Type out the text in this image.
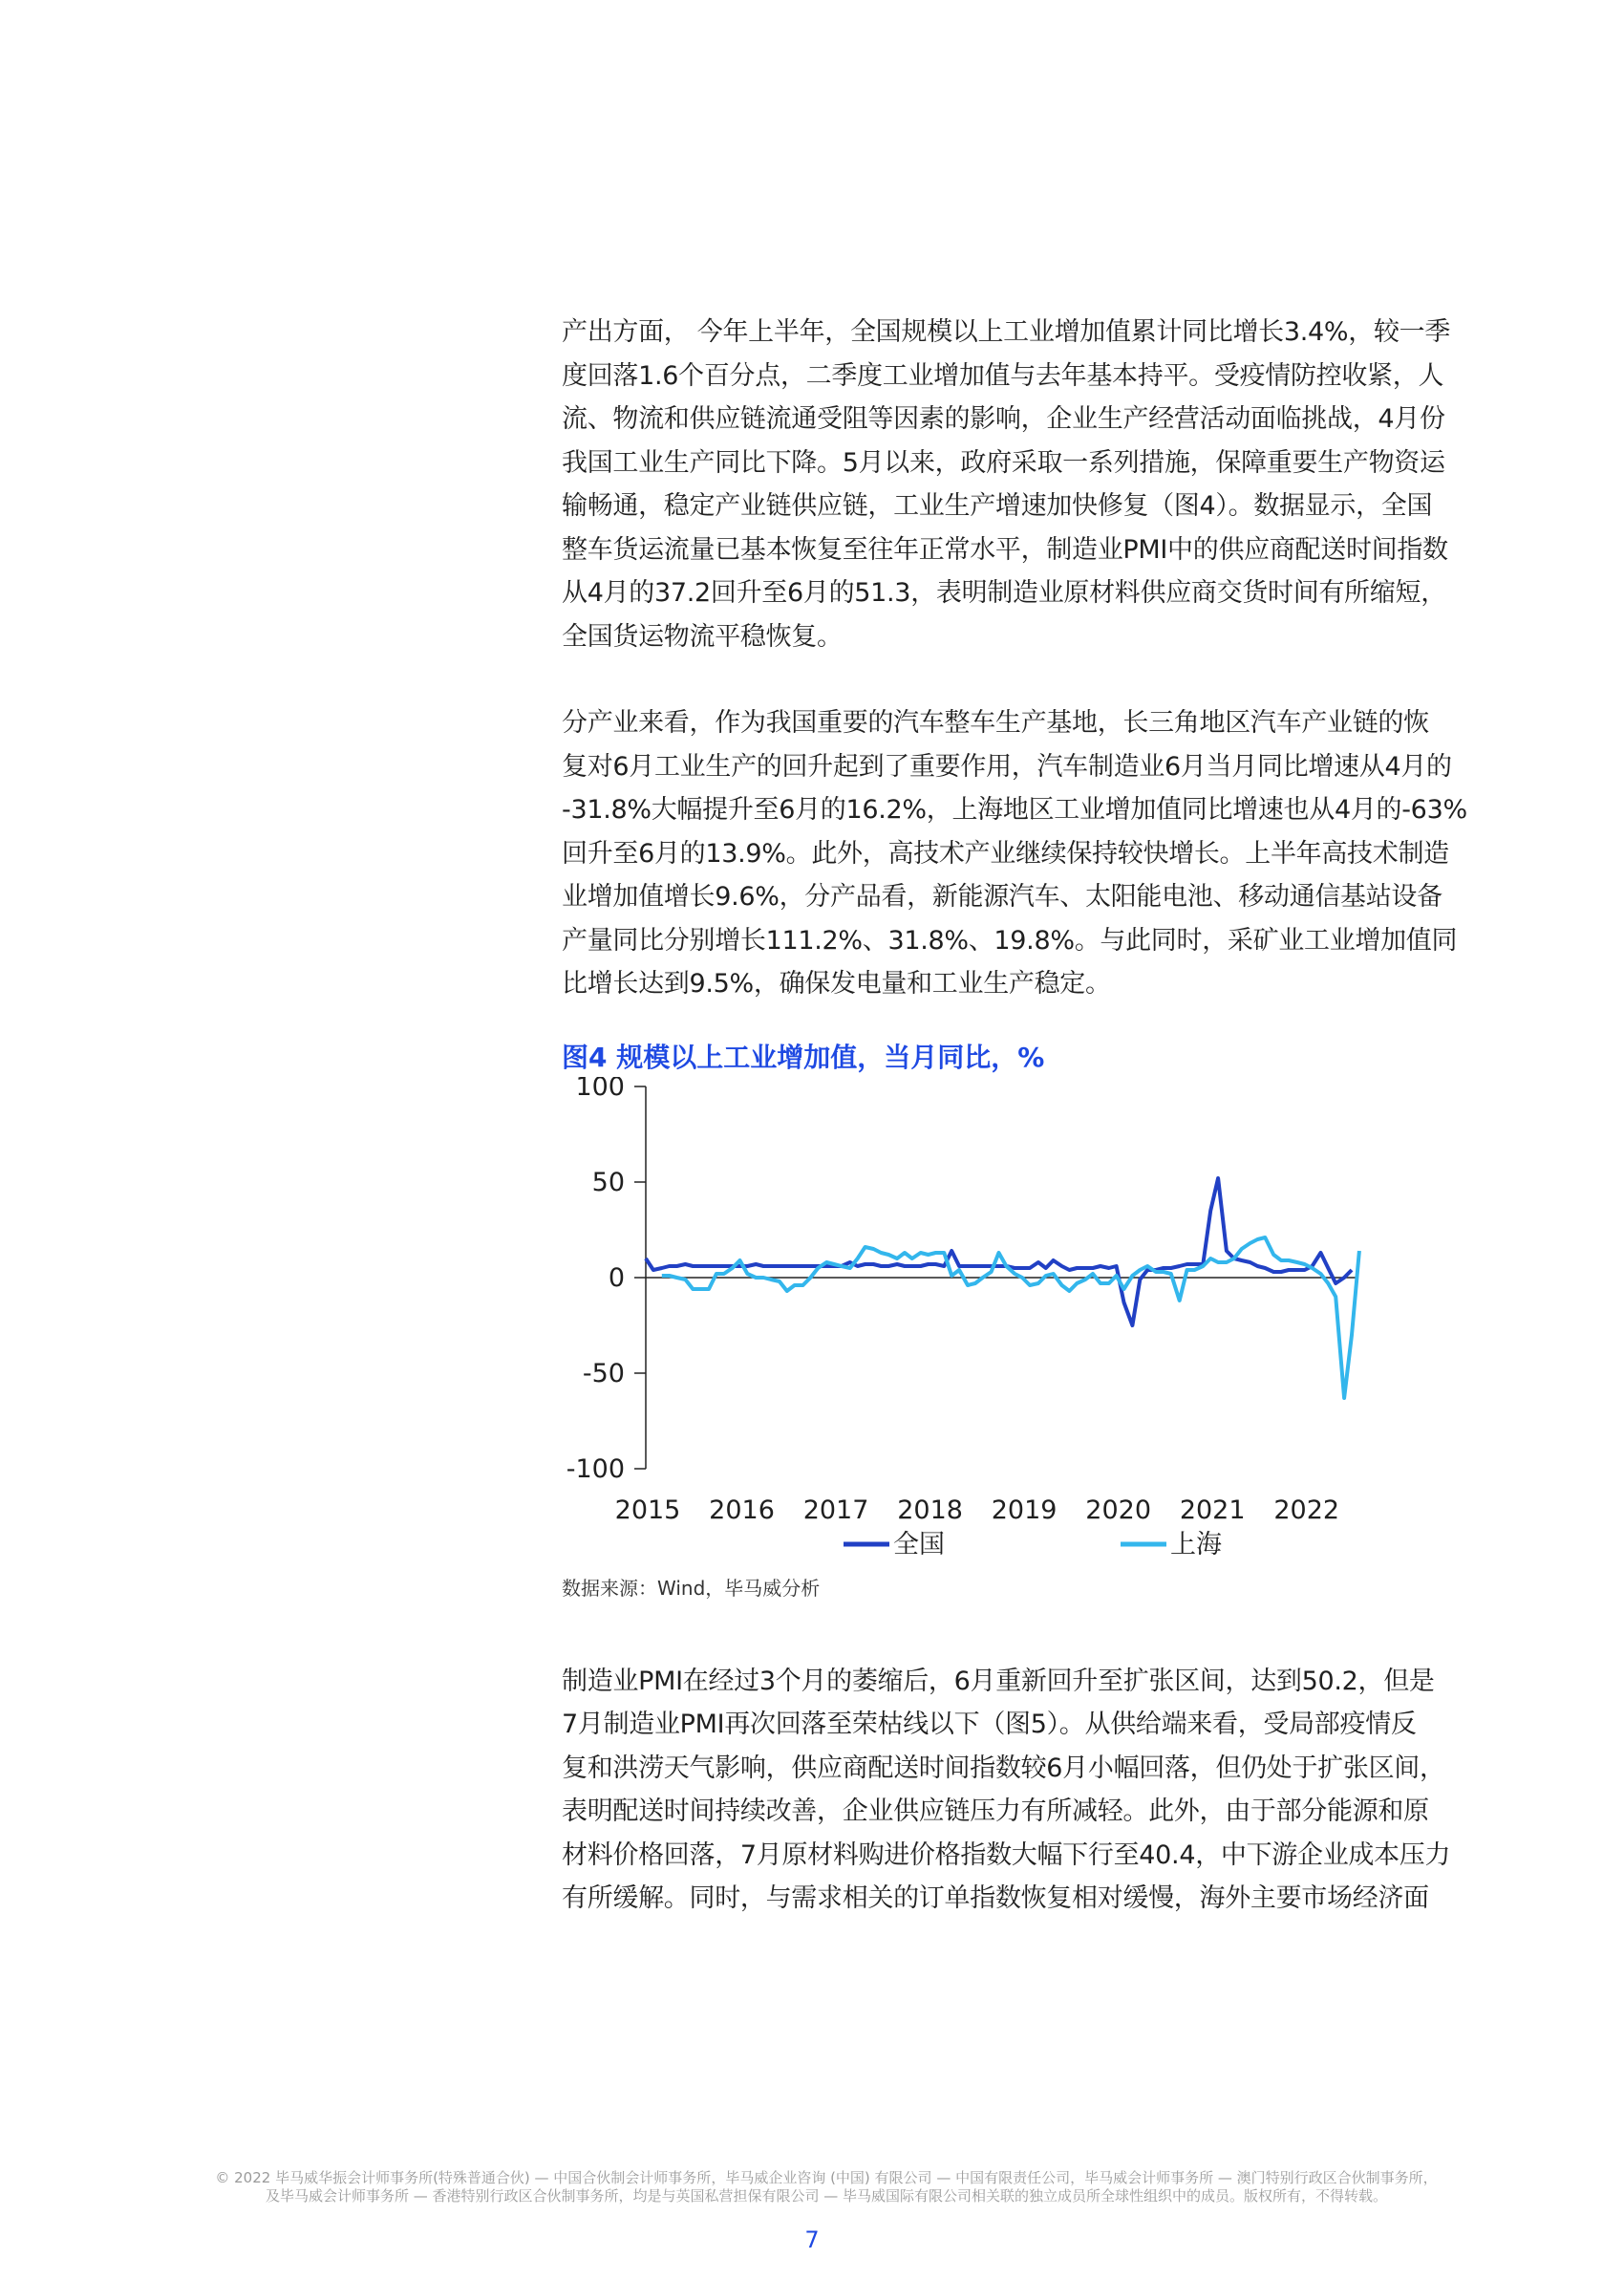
产出方面， 今年上半年，全国规模以上工业增加值累计同比增长3.4%，较一季
度回落1.6个百分点，二季度工业增加值与去年基本持平。受疫情防控收紧，人
流、物流和供应链流通受阻等因素的影响，企业生产经营活动面临挑战，4月份
我国工业生产同比下降。5月以来，政府采取一系列措施，保障重要生产物资运
输畅通，稳定产业链供应链，工业生产增速加快修复（图4）。数据显示，全国
整车货运流量已基本恢复至往年正常水平，制造业PMI中的供应商配送时间指数
从4月的37.2回升至6月的51.3，表明制造业原材料供应商交货时间有所缩短，
全国货运物流平稳恢复。

分产业来看，作为我国重要的汽车整车生产基地，长三角地区汽车产业链的恢
复对6月工业生产的回升起到了重要作用，汽车制造业6月当月同比增速从4月的
-31.8%大幅提升至6月的16.2%，上海地区工业增加值同比增速也从4月的-63%
回升至6月的13.9%。此外，高技术产业继续保持较快增长。上半年高技术制造
业增加值增长9.6%，分产品看，新能源汽车、太阳能电池、移动通信基站设备
产量同比分别增长111.2%、31.8%、19.8%。与此同时，采矿业工业增加值同
比增长达到9.5%，确保发电量和工业生产稳定。

图4 规模以上工业增加值，当月同比，%
100
50
0
-50
-100
2015 2016 2017 2018 2019 2020 2021 2022
全国	上海
数据来源：Wind，毕马威分析

制造业PMI在经过3个月的萎缩后，6月重新回升至扩张区间，达到50.2，但是
7月制造业PMI再次回落至荣枯线以下（图5）。从供给端来看，受局部疫情反
复和洪涝天气影响，供应商配送时间指数较6月小幅回落，但仍处于扩张区间，
表明配送时间持续改善，企业供应链压力有所减轻。此外，由于部分能源和原
材料价格回落，7月原材料购进价格指数大幅下行至40.4，中下游企业成本压力
有所缓解。同时，与需求相关的订单指数恢复相对缓慢，海外主要市场经济面

© 2022 毕马威华振会计师事务所(特殊普通合伙) — 中国合伙制会计师事务所，毕马威企业咨询 (中国) 有限公司 — 中国有限责任公司，毕马威会计师事务所 — 澳门特别行政区合伙制事务所，
及毕马威会计师事务所 — 香港特别行政区合伙制事务所，均是与英国私营担保有限公司 — 毕马威国际有限公司相关联的独立成员所全球性组织中的成员。版权所有，不得转载。
7
